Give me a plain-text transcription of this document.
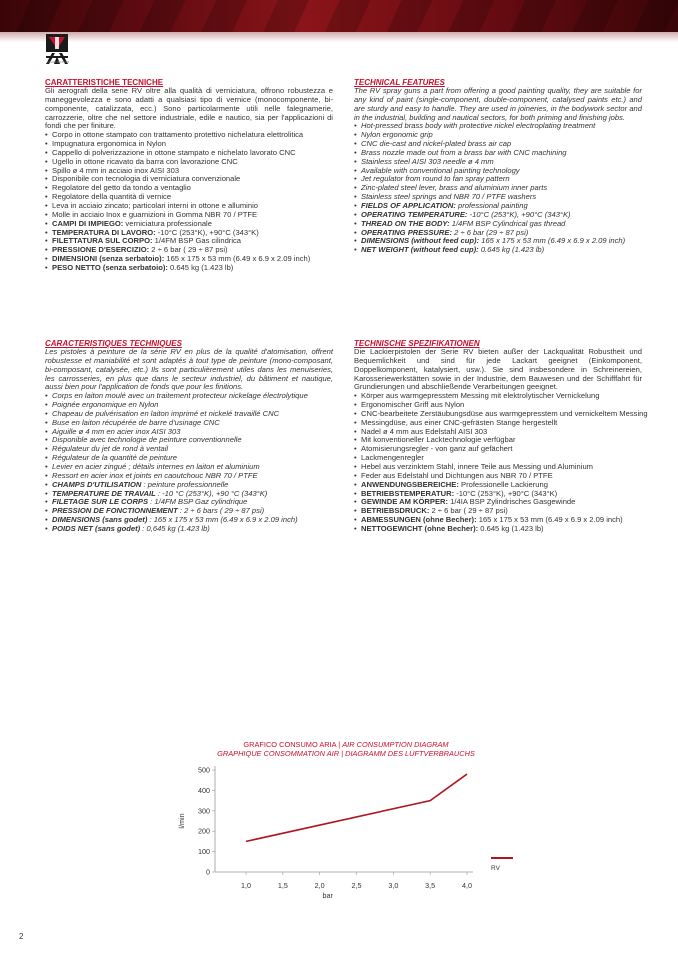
FLUID MOTION
CARATTERISTICHE TECNICHE

Gli aerografi della serie RV oltre alla qualità di verniciatura, offrono robustezza e maneggevolezza e sono adatti a qualsiasi tipo di vernice (monocomponente, bi-componente, catalizzata, ecc.) Sono particolarmente utili nelle falegnamerie, carrozzerie, oltre che nel settore industriale, edile e nautico, sia per l'applicazioni di fondi che per finiture.

• Corpo in ottone stampato con trattamento protettivo nichelatura elettrolitica
• Impugnatura ergonomica in Nylon
• Cappello di polverizzazione in ottone stampato e nichelato lavorato CNC
• Ugello in ottone ricavato da barra con lavorazione CNC
• Spillo ø 4 mm in acciaio inox AISI 303
• Disponibile con tecnologia di verniciatura convenzionale
• Regolatore del getto da tondo a ventaglio
• Regolatore della quantità di vernice
• Leva in acciaio zincato; particolari interni in ottone e alluminio
• Molle in acciaio Inox e guarnizioni in Gomma NBR 70 / PTFE
• CAMPI DI IMPIEGO: verniciatura professionale
• TEMPERATURA DI LAVORO: -10°C (253°K), +90°C (343°K)
• FILETTATURA SUL CORPO: 1/4FM BSP Gas cilindrica
• PRESSIONE D'ESERCIZIO: 2 ÷ 6 bar ( 29 ÷ 87 psi)
• DIMENSIONI (senza serbatoio): 165 x 175 x 53 mm (6.49 x 6.9 x 2.09 inch)
• PESO NETTO (senza serbatoio): 0.645 kg (1.423 lb)
TECHNICAL FEATURES

The RV spray guns a part from offering a good painting quality, they are suitable for any kind of paint (single-component, double-component, catalysed paints etc.) and are sturdy and easy to handle. They are used in joineries, in the bodywork sector and in the industrial, building and nautical sectors, for both priming and finishing jobs.

• Hot-pressed brass body with protective nickel electroplating treatment
• Nylon ergonomic grip
• CNC die-cast and nickel-plated brass air cap
• Brass nozzle made out from a brass bar with CNC machining
• Stainless steel AISI 303 needle ø 4 mm
• Available with conventional painting technology
• Jet regulator from round to fan spray pattern
• Zinc-plated steel lever, brass and aluminium inner parts
• Stainless steel springs and NBR 70 / PTFE washers
• FIELDS OF APPLICATION: professional painting
• OPERATING TEMPERATURE: -10°C (253°K), +90°C (343°K)
• THREAD ON THE BODY: 1/4FM BSP Cylindrical gas thread
• OPERATING PRESSURE: 2 ÷ 6 bar (29 ÷ 87 psi)
• DIMENSIONS (without feed cup): 165 x 175 x 53 mm (6.49 x 6.9 x 2.09 inch)
• NET WEIGHT (without feed cup): 0.645 kg (1.423 lb)
CARACTERISTIQUES TECHNIQUES

Les pistoles à peinture de la série RV en plus de la qualité d'atomisation, offrent robustesse et maniabilité et sont adaptés à tout type de peinture (mono-composant, bi-composant, catalysée, etc.) Ils sont particulièrement utiles dans les menuiseries, les carrosseries, en plus que dans le secteur industriel, du bâtiment et nautique, aussi bien pour l'application de fonds que pour les finitions.

• Corps en laiton moulé avec un traitement protecteur nickelage électrolytique
• Poignée ergonomique en Nylon
• Chapeau de pulvérisation en laiton imprimé et nickelé travaillé CNC
• Buse en laiton récupérée de barre d'usinage CNC
• Aiguille ø 4 mm en acier inox AISI 303
• Disponible avec technologie de peinture conventionnelle
• Régulateur du jet de rond à ventail
• Régulateur de la quantité de peinture
• Levier en acier zingué ; détails internes en laiton et aluminium
• Ressort en acier inox et joints en caoutchouc NBR 70 / PTFE
• CHAMPS D'UTILISATION : peinture professionnelle
• TEMPERATURE DE TRAVAIL : -10 °C (253°K), +90 °C (343°K)
• FILETAGE SUR LE CORPS : 1/4FM BSP Gaz cylindrique
• PRESSION DE FONCTIONNEMENT : 2 ÷ 6 bars ( 29 ÷ 87 psi)
• DIMENSIONS (sans godet) : 165 x 175 x 53 mm (6.49 x 6.9 x 2.09 inch)
• POIDS NET (sans godet) : 0,645 kg (1.423 lb)
TECHNISCHE SPEZIFIKATIONEN

Die Lackierpistolen der Serie RV bieten außer der Lackqualität Robustheit und Bequemlichkeit und sind für jede Lackart geeignet (Einkomponent, Doppelkomponent, katalysiert, usw.). Sie sind insbesondere in Schreinereien, Karosseriewerkstätten sowie in der Industrie, dem Bauwesen und der Schifffahrt für Grundierungen und abschließende Verarbeitungen geeignet.

• Körper aus warmgepresstem Messing mit elektrolytischer Vernickelung
• Ergonomischer Griff aus Nylon
• CNC-bearbeitete Zerstäubungsdüse aus warmgepresstem und vernickeltem Messing
• Messingdüse, aus einer CNC-gefrästen Stange hergestellt
• Nadel ø 4 mm aus Edelstahl AISI 303
• Mit konventioneller Lacktechnologie verfügbar
• Atomisierungsregler - von ganz auf gefächert
• Lackmengenregler
• Hebel aus verzinktem Stahl, innere Teile aus Messing und Aluminium
• Feder aus Edelstahl und Dichtungen aus NBR 70 / PTFE
• ANWENDUNGSBEREICHE: Professionelle Lackierung
• BETRIEBSTEMPERATUR: -10°C (253°K), +90°C (343°K)
• GEWINDE AM KÖRPER: 1/4IA BSP Zylindrisches Gasgewinde
• BETRIEBSDRUCK: 2 ÷ 6 bar ( 29 ÷ 87 psi)
• ABMESSUNGEN (ohne Becher): 165 x 175 x 53 mm (6.49 x 6.9 x 2.09 inch)
• NETTOGEWICHT (ohne Becher): 0.645 kg (1.423 lb)
GRAFICO CONSUMO ARIA | AIR CONSUMPTION DIAGRAM
GRAPHIQUE CONSOMMATION AIR | DIAGRAMM DES LUFTVERBRAUCHS
0
100
200
300
400
500
1,0	1,5	2,0	2,5	3,0	3,5	4,0
bar
l/min
RV
2
